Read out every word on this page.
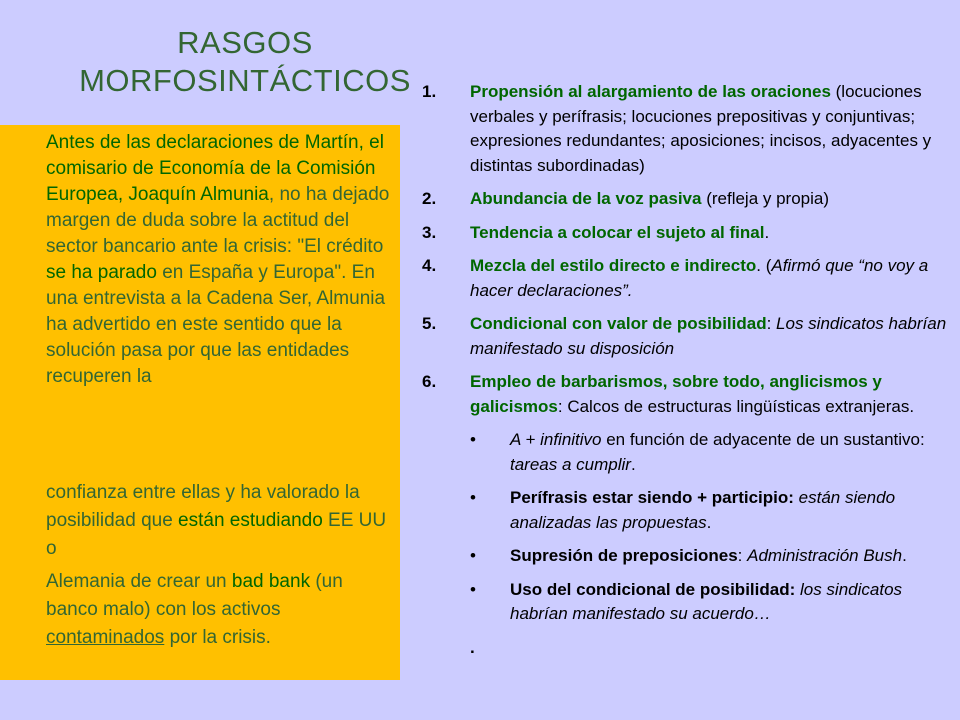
RASGOS
MORFOSINTÁCTICOS

Antes de las declaraciones de Martín, el comisario de Economía de la Comisión Europea, Joaquín Almunia, no ha dejado margen de duda sobre la actitud del sector bancario ante la crisis: "El crédito se ha parado en España y Europa". En una entrevista a la Cadena Ser, Almunia ha advertido en este sentido que la solución pasa por que las entidades recuperen la

confianza entre ellas y ha valorado la posibilidad que están estudiando EE UU o

Alemania de crear un bad bank (un banco malo) con los activos contaminados por la crisis.

1.	Propensión al alargamiento de las oraciones (locuciones verbales y perífrasis; locuciones prepositivas y conjuntivas; expresiones redundantes; aposiciones; incisos, adyacentes y distintas subordinadas)
2.	Abundancia de la voz pasiva (refleja y propia)
3.	Tendencia a colocar el sujeto al final.
4.	Mezcla del estilo directo e indirecto. (Afirmó que “no voy a hacer declaraciones”.
5.	Condicional con valor de posibilidad: Los sindicatos habrían manifestado su disposición
6.	Empleo de barbarismos, sobre todo, anglicismos y galicismos: Calcos de estructuras lingüísticas extranjeras.
•	A + infinitivo en función de adyacente de un sustantivo: tareas a cumplir.
•	Perífrasis estar siendo + participio: están siendo analizadas las propuestas.
•	Supresión de preposiciones: Administración Bush.
•	Uso del condicional de posibilidad: los sindicatos habrían manifestado su acuerdo…
.
